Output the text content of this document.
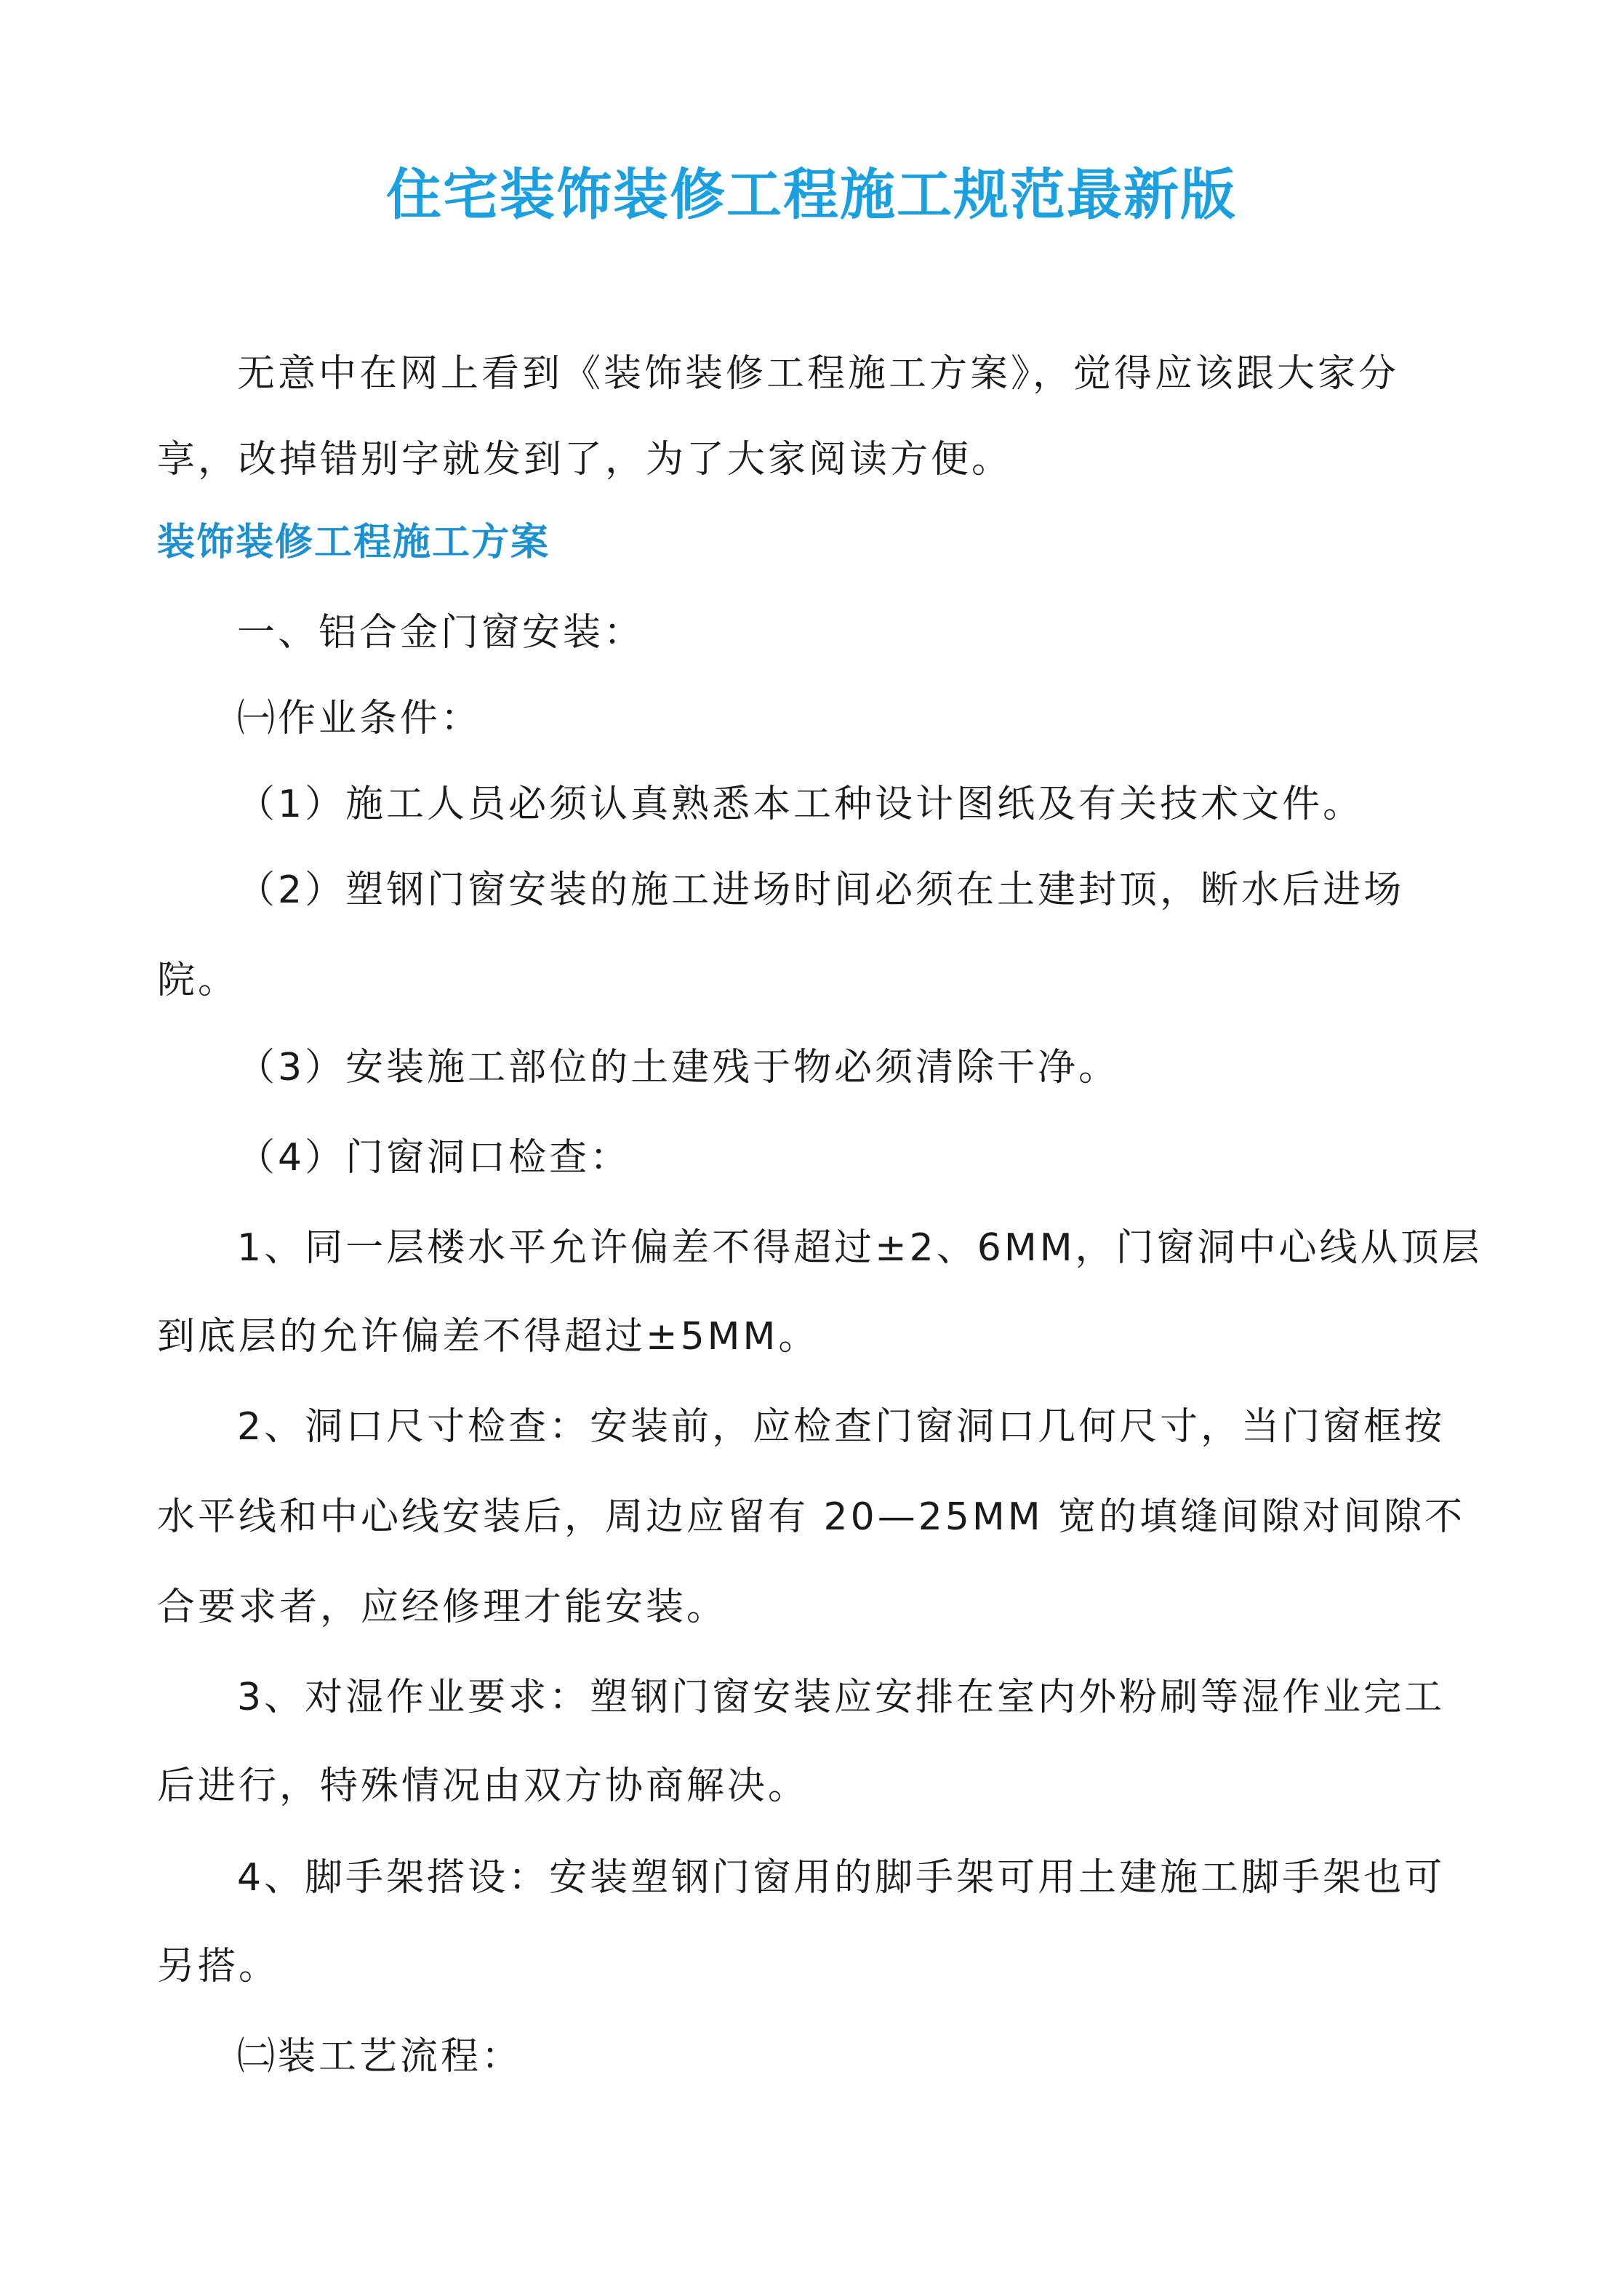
住宅装饰装修工程施工规范最新版
无意中在网上看到《装饰装修工程施工方案》，觉得应该跟大家分
享，改掉错别字就发到了，为了大家阅读方便。
装饰装修工程施工方案
一、铝合金门窗安装：
㈠作业条件：
（1）施工人员必须认真熟悉本工种设计图纸及有关技术文件。
（2）塑钢门窗安装的施工进场时间必须在土建封顶，断水后进场
院。
（3）安装施工部位的土建残于物必须清除干净。
（4）门窗洞口检查：
1、同一层楼水平允许偏差不得超过±2、6MM，门窗洞中心线从顶层
到底层的允许偏差不得超过±5MM。
2、洞口尺寸检查：安装前，应检查门窗洞口几何尺寸，当门窗框按
水平线和中心线安装后，周边应留有 20—25MM 宽的填缝间隙对间隙不
合要求者，应经修理才能安装。
3、对湿作业要求：塑钢门窗安装应安排在室内外粉刷等湿作业完工
后进行，特殊情况由双方协商解决。
4、脚手架搭设：安装塑钢门窗用的脚手架可用土建施工脚手架也可
另搭。
㈡装工艺流程：
